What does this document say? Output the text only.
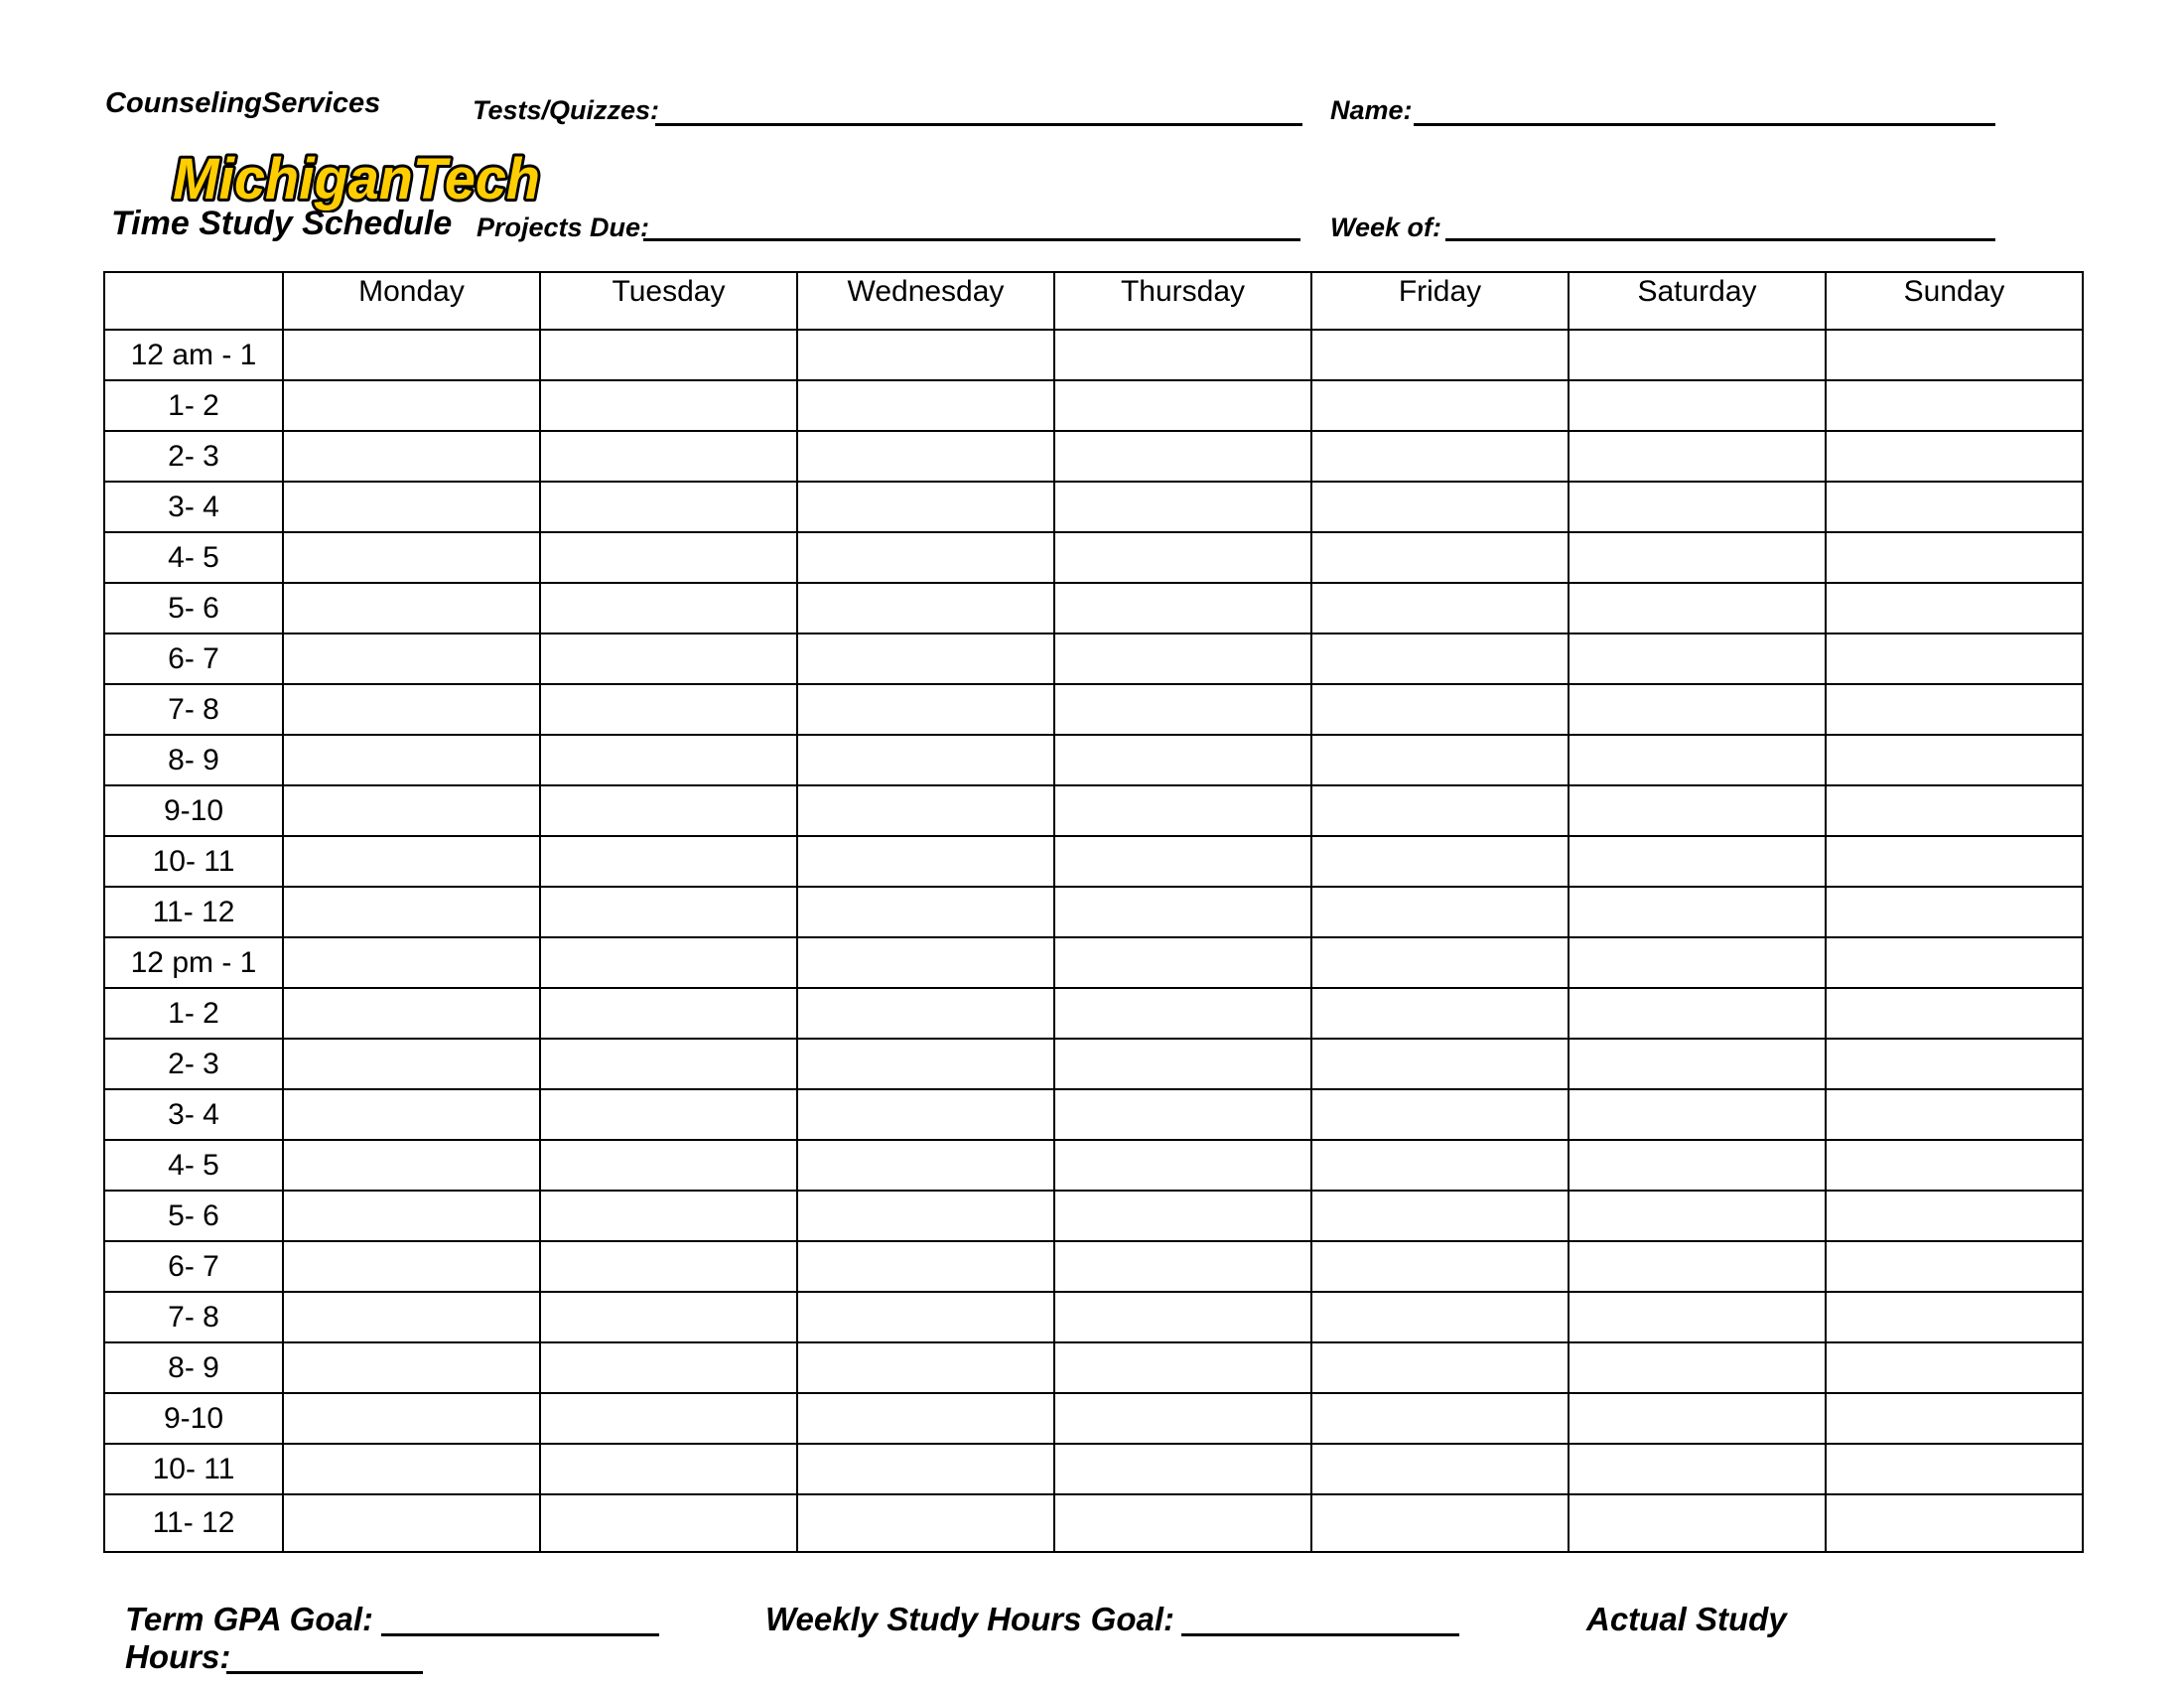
CounselingServices
MichiganTech
Time Study Schedule
Tests/Quizzes:	Name:
Projects Due:	Week of:
	Monday	Tuesday	Wednesday	Thursday	Friday	Saturday	Sunday
12 am - 1							
1- 2							
2- 3							
3- 4							
4- 5							
5- 6							
6- 7							
7- 8							
8- 9							
9-10							
10- 11							
11- 12							
12 pm - 1							
1- 2							
2- 3							
3- 4							
4- 5							
5- 6							
6- 7							
7- 8							
8- 9							
9-10							
10- 11							
11- 12							
Term GPA Goal:	Weekly Study Hours Goal:	Actual Study
Hours:
